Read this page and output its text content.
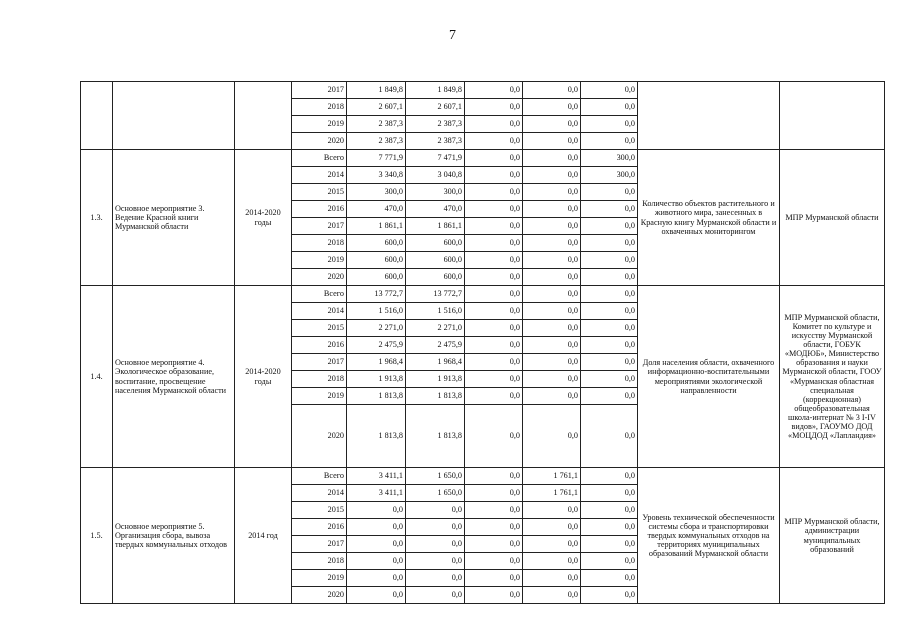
7
			2017	1 849,8	1 849,8	0,0	0,0	0,0		
			2018	2 607,1	2 607,1	0,0	0,0	0,0		
			2019	2 387,3	2 387,3	0,0	0,0	0,0		
			2020	2 387,3	2 387,3	0,0	0,0	0,0		
1.3.	Основное мероприятие 3. Ведение Красной книги Мурманской области	2014-2020 годы	Всего	7 771,9	7 471,9	0,0	0,0	300,0	Количество объектов растительного и животного мира, занесенных в Красную книгу Мурманской области и охваченных мониторингом	МПР Мурманской области
			2014	3 340,8	3 040,8	0,0	0,0	300,0		
			2015	300,0	300,0	0,0	0,0	0,0		
			2016	470,0	470,0	0,0	0,0	0,0		
			2017	1 861,1	1 861,1	0,0	0,0	0,0		
			2018	600,0	600,0	0,0	0,0	0,0		
			2019	600,0	600,0	0,0	0,0	0,0		
			2020	600,0	600,0	0,0	0,0	0,0		
1.4.	Основное мероприятие 4. Экологическое образование, воспитание, просвещение населения Мурманской области	2014-2020 годы	Всего	13 772,7	13 772,7	0,0	0,0	0,0	Доля населения области, охваченного информационно-воспитательными мероприятиями экологической направленности	МПР Мурманской области, Комитет по культуре и искусству Мурманской области, ГОБУК «МОДЮБ», Министерство образования и науки Мурманской области, ГООУ «Мурманская областная специальная (коррекционная) общеобразовательная школа-интернат № 3 I-IV видов», ГАОУМО ДОД «МОЦДОД «Лапландия»
			2014	1 516,0	1 516,0	0,0	0,0	0,0		
			2015	2 271,0	2 271,0	0,0	0,0	0,0		
			2016	2 475,9	2 475,9	0,0	0,0	0,0		
			2017	1 968,4	1 968,4	0,0	0,0	0,0		
			2018	1 913,8	1 913,8	0,0	0,0	0,0		
			2019	1 813,8	1 813,8	0,0	0,0	0,0		
			2020	1 813,8	1 813,8	0,0	0,0	0,0		
1.5.	Основное мероприятие 5. Организация сбора, вывоза твердых коммунальных отходов	2014 год	Всего	3 411,1	1 650,0	0,0	1 761,1	0,0	Уровень технической обеспеченности системы сбора и транспортировки твердых коммунальных отходов на территориях муниципальных образований Мурманской области	МПР Мурманской области, администрации муниципальных образований
			2014	3 411,1	1 650,0	0,0	1 761,1	0,0		
			2015	0,0	0,0	0,0	0,0	0,0		
			2016	0,0	0,0	0,0	0,0	0,0		
			2017	0,0	0,0	0,0	0,0	0,0		
			2018	0,0	0,0	0,0	0,0	0,0		
			2019	0,0	0,0	0,0	0,0	0,0		
			2020	0,0	0,0	0,0	0,0	0,0		
